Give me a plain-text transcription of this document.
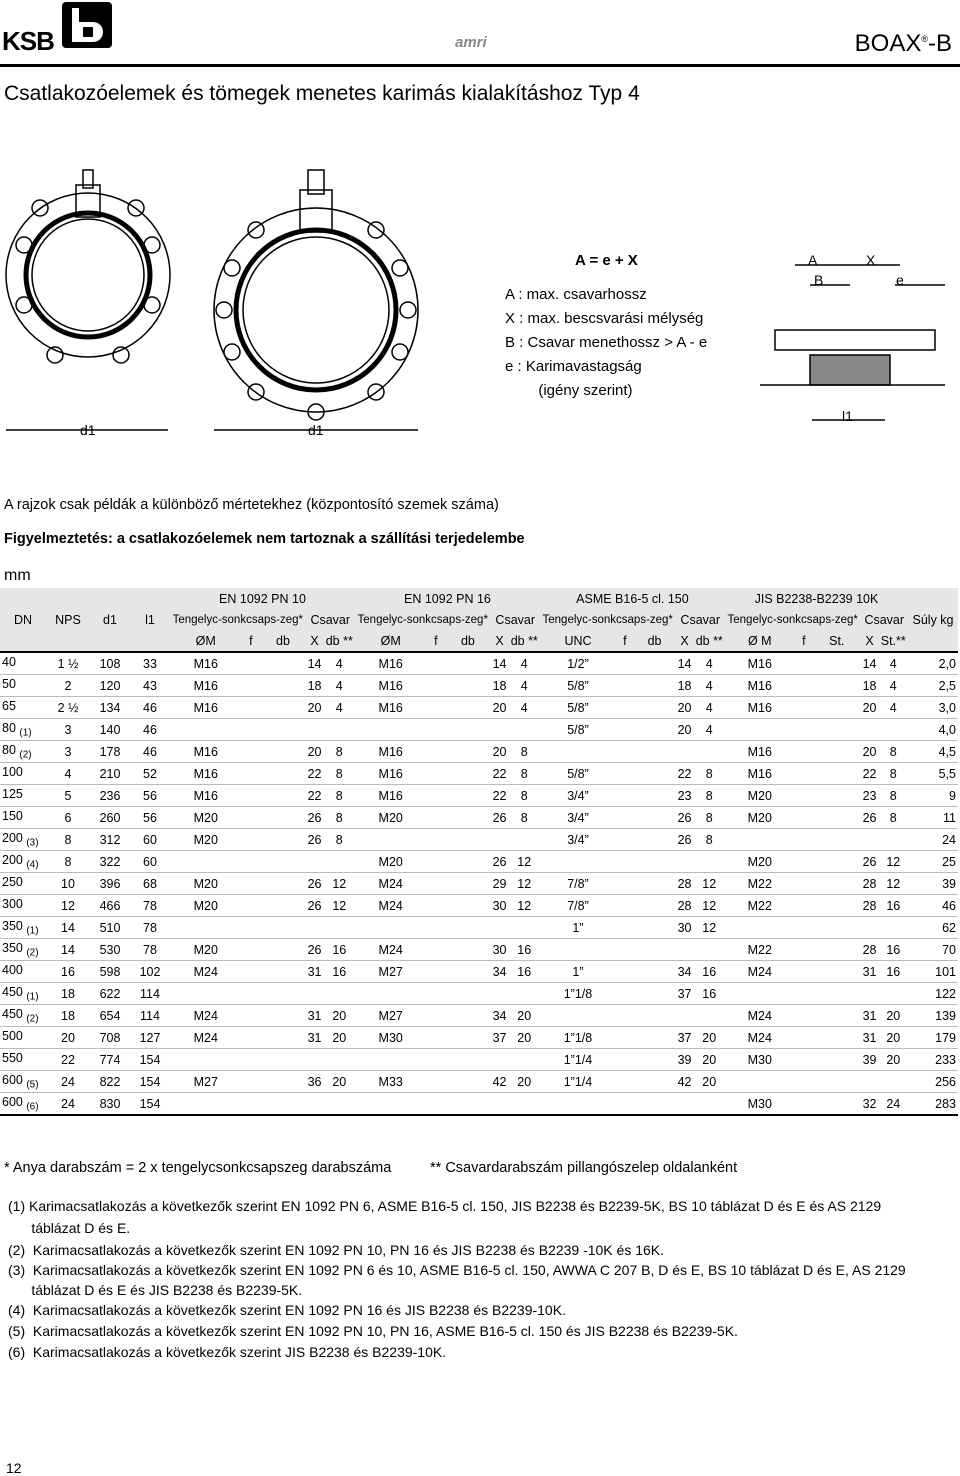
KSB	amri	BOAX®-B
Csatlakozóelemek és tömegek menetes karimás kialakításhoz Typ 4
d1	d1
A
B
X
e
l1
A = e + X
A : max. csavarhossz
X : max. bescsvarási mélység
B : Csavar menethossz > A - e
e : Karimavastagság
(igény szerint)
A rajzok csak példák a különböző mértetekhez (központosító szemek száma)
Figyelmeztetés: a csatlakozóelemek nem tartoznak a szállítási terjedelembe
mm
DN	NPS	d1	l1	EN 1092 PN 10					EN 1092 PN 16					ASME B16-5 cl. 150					JIS B2238-B2239 10K					Súly kg
				Tengelyc-sonkcsaps-zeg*			Csavar		Tengelyc-sonkcsaps-zeg*			Csavar		Tengelyc-sonkcsaps-zeg*			Csavar		Tengelyc-sonkcsaps-zeg*			Csavar		
				ØM	f	db	X	db **	ØM	f	db	X	db **	UNC	f	db	X	db **	Ø M	f	St.	X	St.**	
40	1 ½	108	33	M16			14	4	M16			14	4	1/2”			14	4	M16			14	4	2,0
50	2	120	43	M16			18	4	M16			18	4	5/8”			18	4	M16			18	4	2,5
65	2 ½	134	46	M16			20	4	M16			20	4	5/8”			20	4	M16			20	4	3,0
80 $_{(1)}$	3	140	46											5/8”			20	4						4,0
80 $_{(2)}$	3	178	46	M16			20	8	M16			20	8						M16			20	8	4,5
100	4	210	52	M16			22	8	M16			22	8	5/8”			22	8	M16			22	8	5,5
125	5	236	56	M16			22	8	M16			22	8	3/4”			23	8	M20			23	8	9
150	6	260	56	M20			26	8	M20			26	8	3/4”			26	8	M20			26	8	11
200 $_{(3)}$	8	312	60	M20			26	8						3/4”			26	8						24
200 $_{(4)}$	8	322	60						M20			26	12						M20			26	12	25
250	10	396	68	M20			26	12	M24			29	12	7/8”			28	12	M22			28	12	39
300	12	466	78	M20			26	12	M24			30	12	7/8”			28	12	M22			28	16	46
350 $_{(1)}$	14	510	78											1”			30	12						62
350 $_{(2)}$	14	530	78	M20			26	16	M24			30	16						M22			28	16	70
400	16	598	102	M24			31	16	M27			34	16	1”			34	16	M24			31	16	101
450 $_{(1)}$	18	622	114											1”1/8			37	16						122
450 $_{(2)}$	18	654	114	M24			31	20	M27			34	20						M24			31	20	139
500	20	708	127	M24			31	20	M30			37	20	1”1/8			37	20	M24			31	20	179
550	22	774	154											1”1/4			39	20	M30			39	20	233
600 $_{(5)}$	24	822	154	M27			36	20	M33			42	20	1”1/4			42	20						256
600 $_{(6)}$	24	830	154																M30			32	24	283
* Anya darabszám = 2 x tengelycsonkcsapszeg darabszáma	** Csavardarabszám pillangószelep oldalanként
(1) Karimacsatlakozás a következők szerint EN 1092 PN 6, ASME B16-5 cl. 150, JIS B2238 és B2239-5K, BS 10 táblázat D és E és AS 2129
táblázat D és E.
(2)  Karimacsatlakozás a következők szerint EN 1092 PN 10, PN 16 és JIS B2238 és B2239 -10K és 16K.
(3)  Karimacsatlakozás a következők szerint EN 1092 PN 6 és 10, ASME B16-5 cl. 150, AWWA C 207 B, D és E, BS 10 táblázat D és E, AS 2129
táblázat D és E és JIS B2238 és B2239-5K.
(4)  Karimacsatlakozás a következők szerint EN 1092 PN 16 és JIS B2238 és B2239-10K.
(5)  Karimacsatlakozás a következők szerint EN 1092 PN 10, PN 16, ASME B16-5 cl. 150 és JIS B2238 és B2239-5K.
(6)  Karimacsatlakozás a következők szerint JIS B2238 és B2239-10K.
12
